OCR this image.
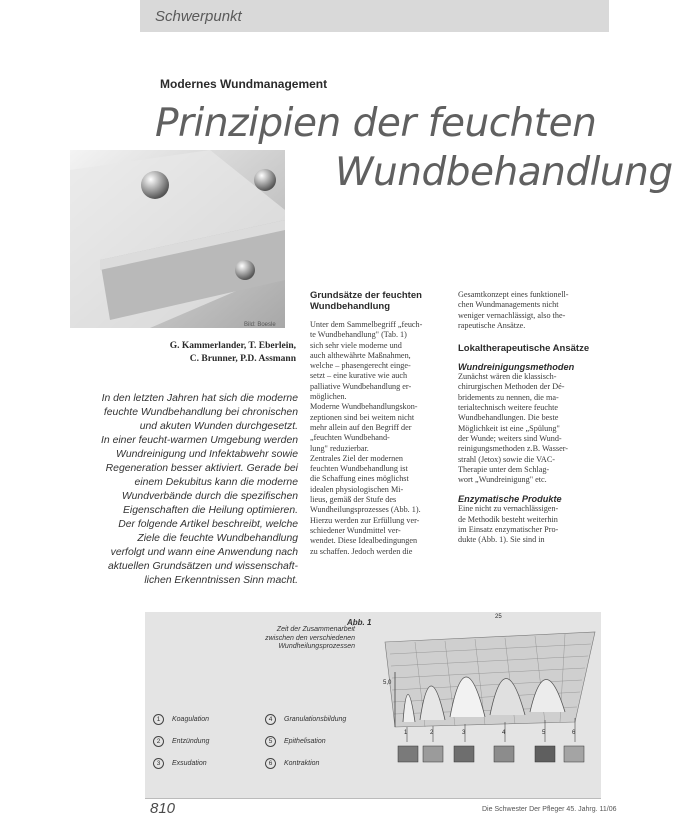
Schwerpunkt
Modernes Wundmanagement
Prinzipien der feuchten
Wundbehandlung
Bild: Boesle
G. Kammerlander, T. Eberlein,
C. Brunner, P.D. Assmann
In den letzten Jahren hat sich die moderne
feuchte Wundbehandlung bei chronischen
und akuten Wunden durchgesetzt.
In einer feucht-warmen Umgebung werden
Wundreinigung und Infektabwehr sowie
Regeneration besser aktiviert. Gerade bei
einem Dekubitus kann die moderne
Wundverbände durch die spezifischen
Eigenschaften die Heilung optimieren.
Der folgende Artikel beschreibt, welche
Ziele die feuchte Wundbehandlung
verfolgt und wann eine Anwendung nach
aktuellen Grundsätzen und wissenschaft-
lichen Erkenntnissen Sinn macht.
Grundsätze der feuchten
Wundbehandlung
Unter dem Sammelbegriff „feuch-
te Wundbehandlung" (Tab. 1)
sich sehr viele moderne und
auch althewährte Maßnahmen,
welche – phasengerecht einge-
setzt – eine kurative wie auch
palliative Wundbehandlung er-
möglichen.
Moderne Wundbehandlungskon-
zeptionen sind bei weitem nicht
mehr allein auf den Begriff der
„feuchten Wundbehand-
lung" reduzierbar.
Zentrales Ziel der modernen
feuchten Wundbehandlung ist
die Schaffung eines möglichst
idealen physiologischen Mi-
lieus, gemäß der Stufe des
Wundheilungsprozesses (Abb. 1).
Hierzu werden zur Erfüllung ver-
schiedener Wundmittel ver-
wendet. Diese Idealbedingungen
zu schaffen. Jedoch werden die
Gesamtkonzept eines funktionell-
chen Wundmanagements nicht
weniger vernachlässigt, also the-
rapeutische Ansätze.
Lokaltherapeutische Ansätze
Wundreinigungsmethoden
Zunächst wären die klassisch-
chirurgischen Methoden der Dé-
bridements zu nennen, die ma-
terialtechnisch weitere feuchte
Wundbehandlungen. Die beste
Möglichkeit ist eine „Spülung"
der Wunde; weiters sind Wund-
reinigungsmethoden z.B. Wasser-
strahl (Jetox) sowie die VAC-
Therapie unter dem Schlag-
wort „Wundreinigung" etc.
Enzymatische Produkte
Eine nicht zu vernachlässigen-
de Methodik besteht weiterhin
im Einsatz enzymatischer Pro-
dukte (Abb. 1). Sie sind in
25
5,0
1	2	3	4	5	6
1	Koagulation
2	Entzündung
3	Exsudation
4	Granulationsbildung
5	Epithelisation
6	Kontraktion
Abb. 1
Zeit der Zusammenarbeit
zwischen den verschiedenen
Wundheilungsprozessen
810	Die Schwester Der Pfleger 45. Jahrg. 11/06
